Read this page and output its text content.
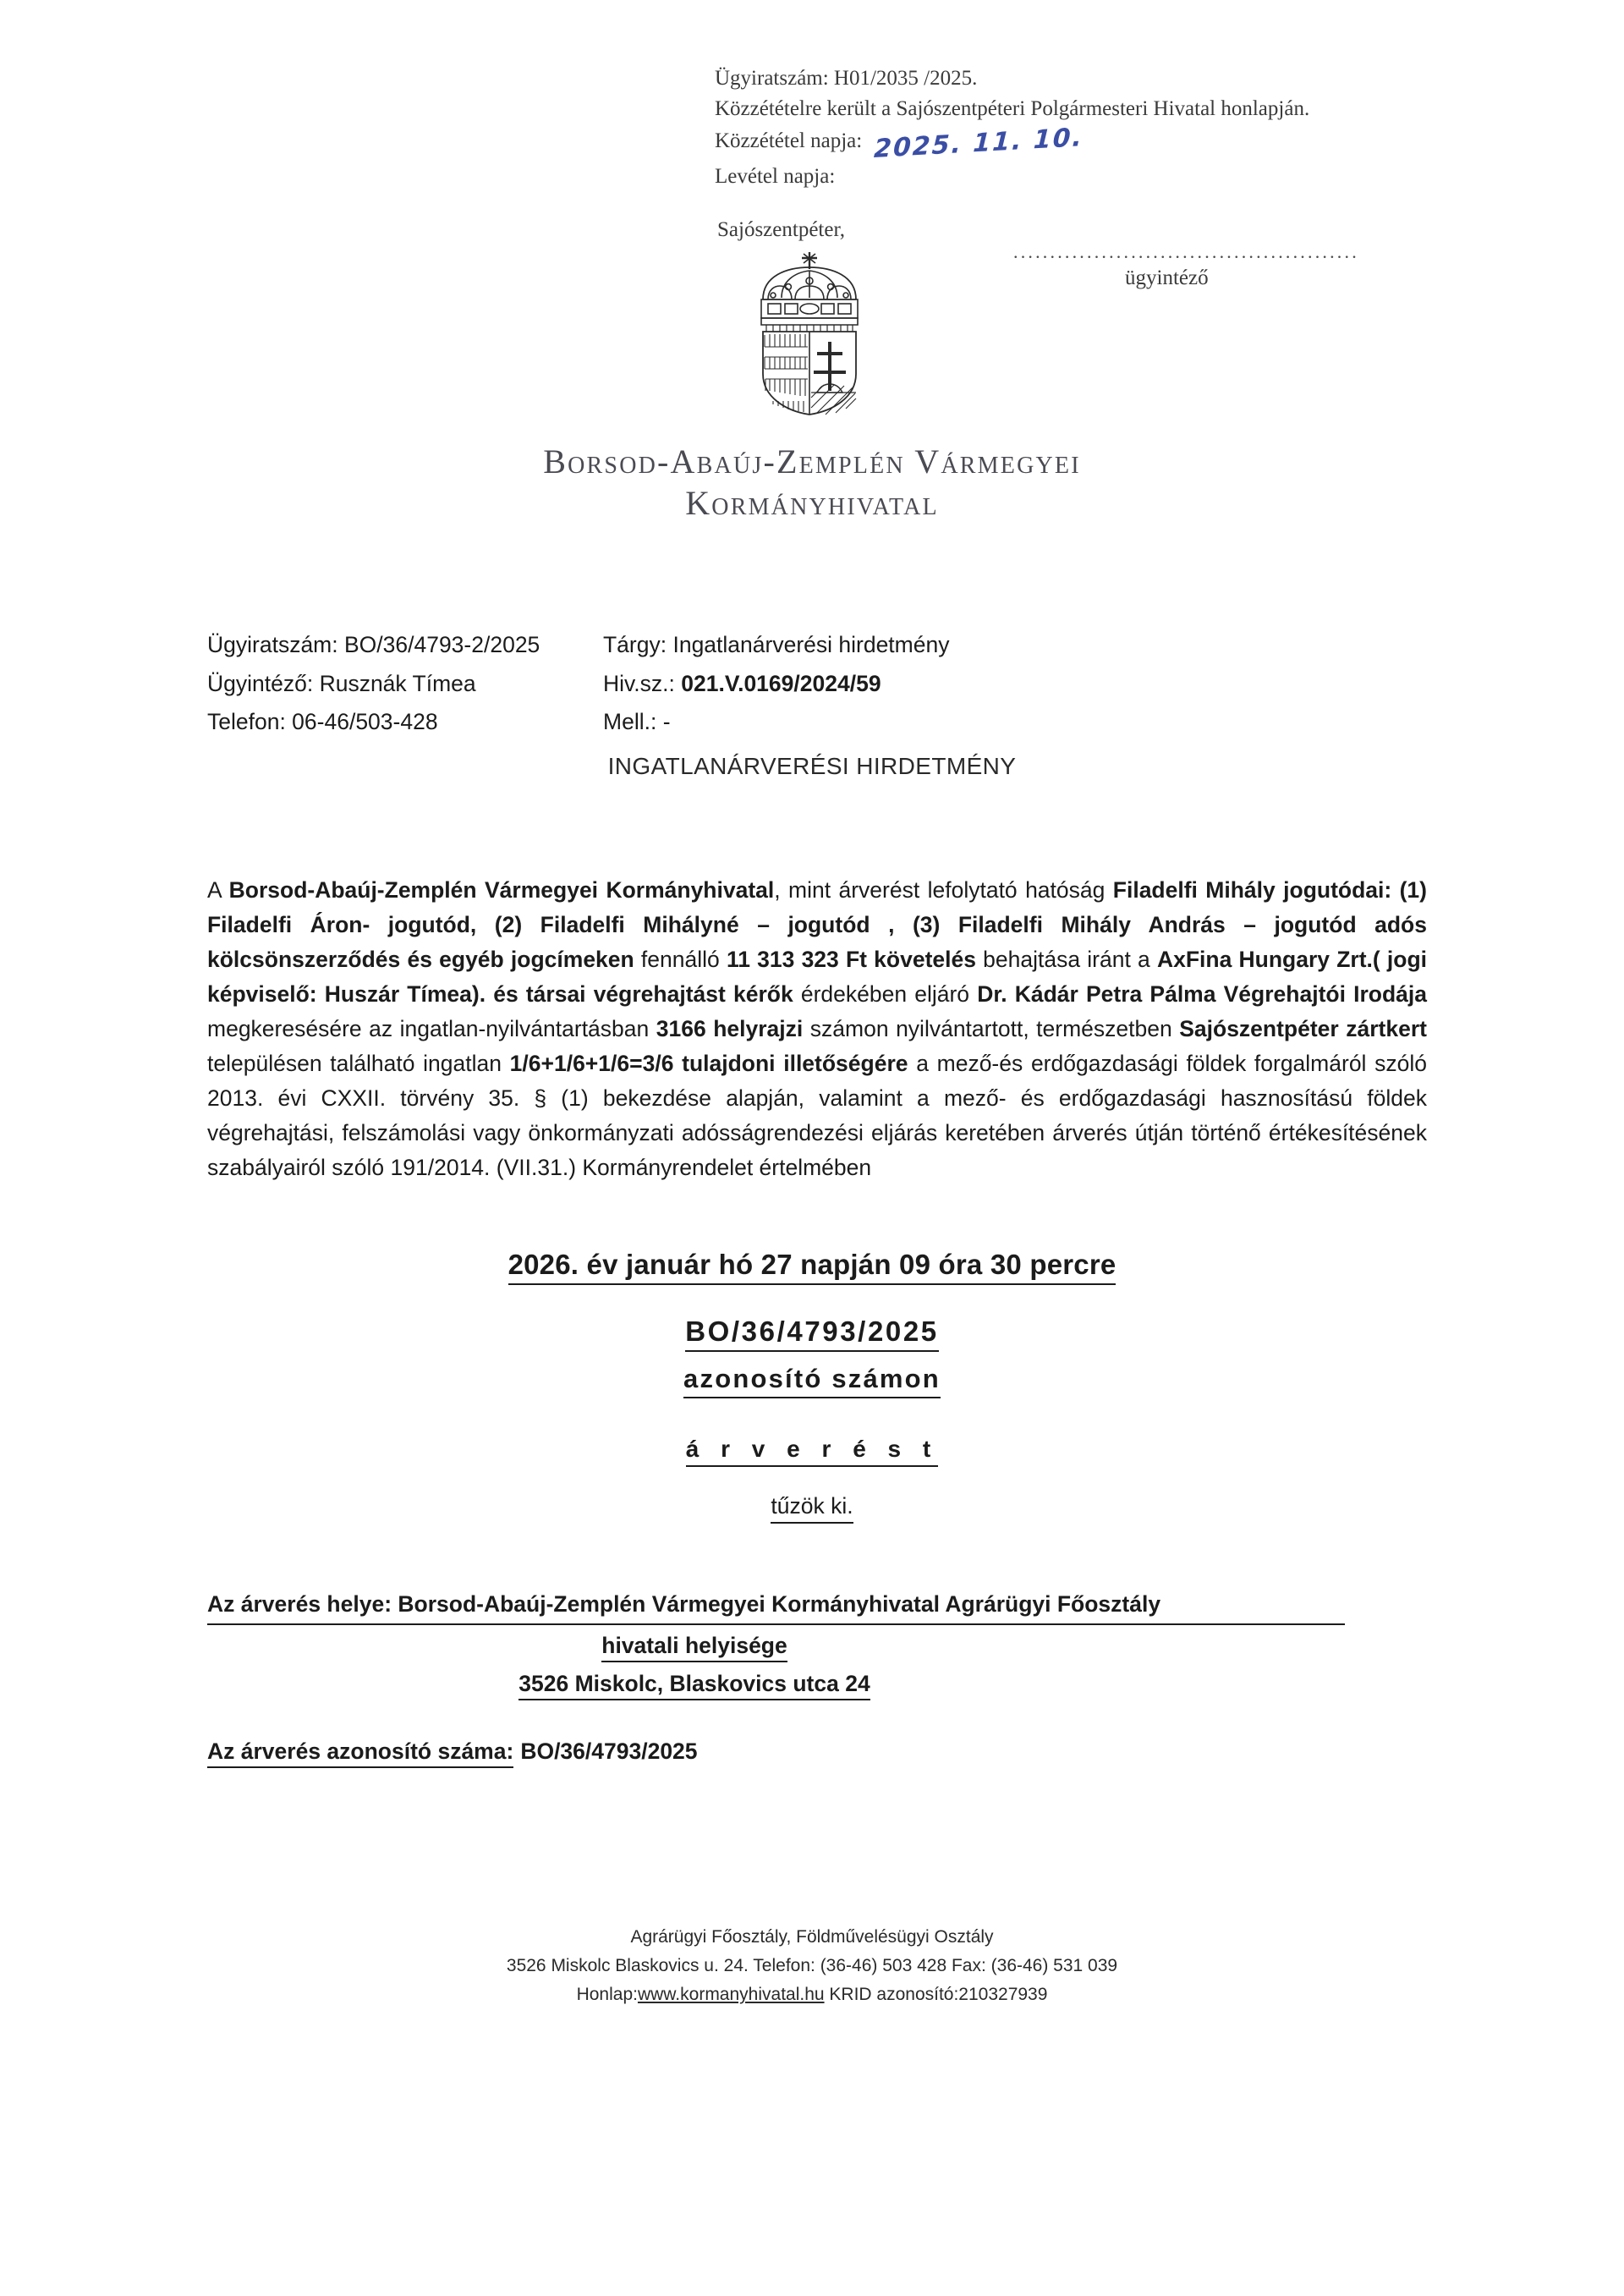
Ügyiratszám: H01/2035 /2025.
Közzétételre került a Sajószentpéteri Polgármesteri Hivatal honlapján.
Közzététel napja: 2025. 11. 10.
Levétel napja:
Sajószentpéter,
...............................................
ügyintéző
Borsod-Abaúj-Zemplén Vármegyei
Kormányhivatal
Ügyiratszám: BO/36/4793-2/2025	Tárgy: Ingatlanárverési hirdetmény
Ügyintéző: Rusznák Tímea	Hiv.sz.: 021.V.0169/2024/59
Telefon: 06-46/503-428	Mell.: -
INGATLANÁRVERÉSI HIRDETMÉNY
A Borsod-Abaúj-Zemplén Vármegyei Kormányhivatal, mint árverést lefolytató hatóság Filadelfi Mihály jogutódai: (1) Filadelfi Áron- jogutód, (2) Filadelfi Mihályné – jogutód , (3) Filadelfi Mihály András – jogutód adós kölcsönszerződés és egyéb jogcímeken fennálló 11 313 323 Ft követelés behajtása iránt a AxFina Hungary Zrt.( jogi képviselő: Huszár Tímea). és társai végrehajtást kérők érdekében eljáró Dr. Kádár Petra Pálma Végrehajtói Irodája megkeresésére az ingatlan-nyilvántartásban 3166 helyrajzi számon nyilvántartott, természetben Sajószentpéter zártkert településen található ingatlan 1/6+1/6+1/6=3/6 tulajdoni illetőségére a mező-és erdőgazdasági földek forgalmáról szóló 2013. évi CXXII. törvény 35. § (1) bekezdése alapján, valamint a mező- és erdőgazdasági hasznosítású földek végrehajtási, felszámolási vagy önkormányzati adósságrendezési eljárás keretében árverés útján történő értékesítésének szabályairól szóló 191/2014. (VII.31.) Kormányrendelet értelmében
2026. év január hó 27 napján 09 óra 30 percre
BO/36/4793/2025
azonosító számon
á r v e r é s t
tűzök ki.
Az árverés helye: Borsod-Abaúj-Zemplén Vármegyei Kormányhivatal Agrárügyi Főosztály
hivatali helyisége
3526 Miskolc, Blaskovics utca 24
Az árverés azonosító száma: BO/36/4793/2025
Agrárügyi Főosztály, Földművelésügyi Osztály
3526 Miskolc Blaskovics u. 24. Telefon: (36-46) 503 428 Fax: (36-46) 531 039
Honlap:www.kormanyhivatal.hu KRID azonosító:210327939
